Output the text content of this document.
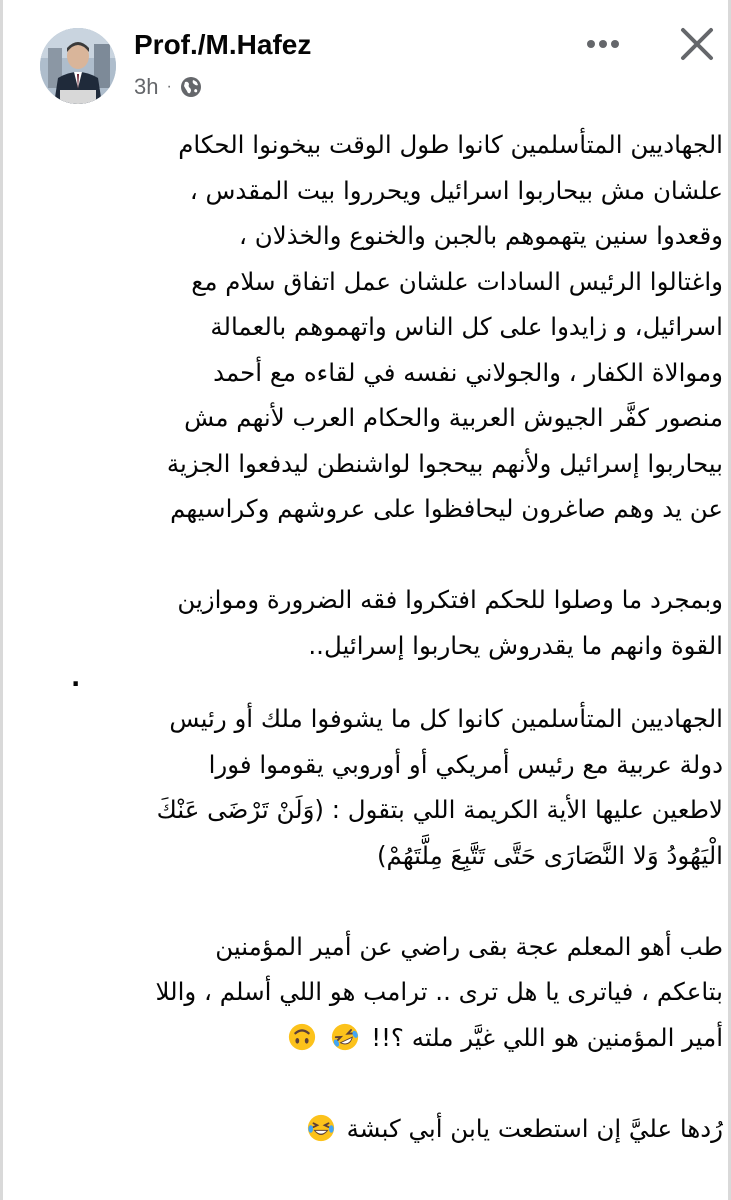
Prof./M.Hafez
3h ·
الجهاديين المتأسلمين كانوا طول الوقت بيخونوا الحكام
علشان مش بيحاربوا اسرائيل ويحرروا بيت المقدس ،
وقعدوا سنين يتهموهم بالجبن والخنوع والخذلان ،
واغتالوا الرئيس السادات علشان عمل اتفاق سلام مع
اسرائيل، و زايدوا على كل الناس واتهموهم بالعمالة
وموالاة الكفار ، والجولاني نفسه في لقاءه مع أحمد
منصور كفَّر الجيوش العربية والحكام العرب لأنهم مش
بيحاربوا إسرائيل ولأنهم بيحجوا لواشنطن ليدفعوا الجزية
عن يد وهم صاغرون ليحافظوا على عروشهم وكراسيهم
وبمجرد ما وصلوا للحكم افتكروا فقه الضرورة وموازين
القوة وانهم ما يقدروش يحاربوا إسرائيل..
.
الجهاديين المتأسلمين كانوا كل ما يشوفوا ملك أو رئيس
دولة عربية مع رئيس أمريكي أو أوروبي يقوموا فورا
لاطعين عليها الأية الكريمة اللي بتقول : (وَلَنْ تَرْضَى عَنْكَ
الْيَهُودُ وَلا النَّصَارَى حَتَّى تَتَّبِعَ مِلَّتَهُمْ)
طب أهو المعلم عجة بقى راضي عن أمير المؤمنين
بتاعكم ، فياترى يا هل ترى .. ترامب هو اللي أسلم ، واللا
أمير المؤمنين هو اللي غيَّر ملته ؟!!
رُدها عليَّ إن استطعت يابن أبي كبشة
